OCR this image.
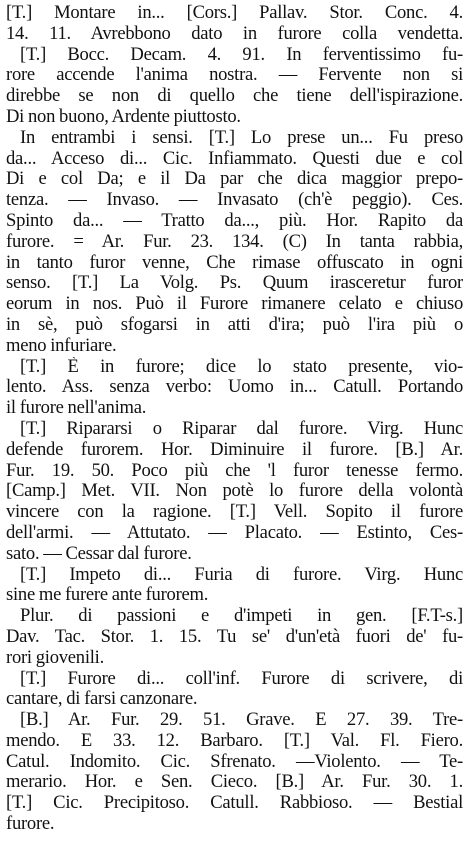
[T.] Montare in... [Cors.] Pallav. Stor. Conc. 4.
14. 11. Avrebbono dato in furore colla vendetta.
[T.] Bocc. Decam. 4. 91. In ferventissimo fu-
rore accende l'anima nostra. — Fervente non si
direbbe se non di quello che tiene dell'ispirazione.
Di non buono, Ardente piuttosto.
In entrambi i sensi. [T.] Lo prese un... Fu preso
da... Acceso di... Cic. Infiammato. Questi due e col
Di e col Da; e il Da par che dica maggior prepo-
tenza. — Invaso. — Invasato (ch'è peggio). Ces.
Spinto da... — Tratto da..., più. Hor. Rapito da
furore. = Ar. Fur. 23. 134. (C) In tanta rabbia,
in tanto furor venne, Che rimase offuscato in ogni
senso. [T.] La Volg. Ps. Quum irasceretur furor
eorum in nos. Può il Furore rimanere celato e chiuso
in sè, può sfogarsi in atti d'ira; può l'ira più o
meno infuriare.
[T.] È in furore; dice lo stato presente, vio-
lento. Ass. senza verbo: Uomo in... Catull. Portando
il furore nell'anima.
[T.] Ripararsi o Riparar dal furore. Virg. Hunc
defende furorem. Hor. Diminuire il furore. [B.] Ar.
Fur. 19. 50. Poco più che 'l furor tenesse fermo.
[Camp.] Met. VII. Non potè lo furore della volontà
vincere con la ragione. [T.] Vell. Sopito il furore
dell'armi. — Attutato. — Placato. — Estinto, Ces-
sato. — Cessar dal furore.
[T.] Impeto di... Furia di furore. Virg. Hunc
sine me furere ante furorem.
Plur. di passioni e d'impeti in gen. [F.T-s.]
Dav. Tac. Stor. 1. 15. Tu se' d'un'età fuori de' fu-
rori giovenili.
[T.] Furore di... coll'inf. Furore di scrivere, di
cantare, di farsi canzonare.
[B.] Ar. Fur. 29. 51. Grave. E 27. 39. Tre-
mendo. E 33. 12. Barbaro. [T.] Val. Fl. Fiero.
Catul. Indomito. Cic. Sfrenato. —Violento. — Te-
merario. Hor. e Sen. Cieco. [B.] Ar. Fur. 30. 1.
[T.] Cic. Precipitoso. Catull. Rabbioso. — Bestial
furore.
